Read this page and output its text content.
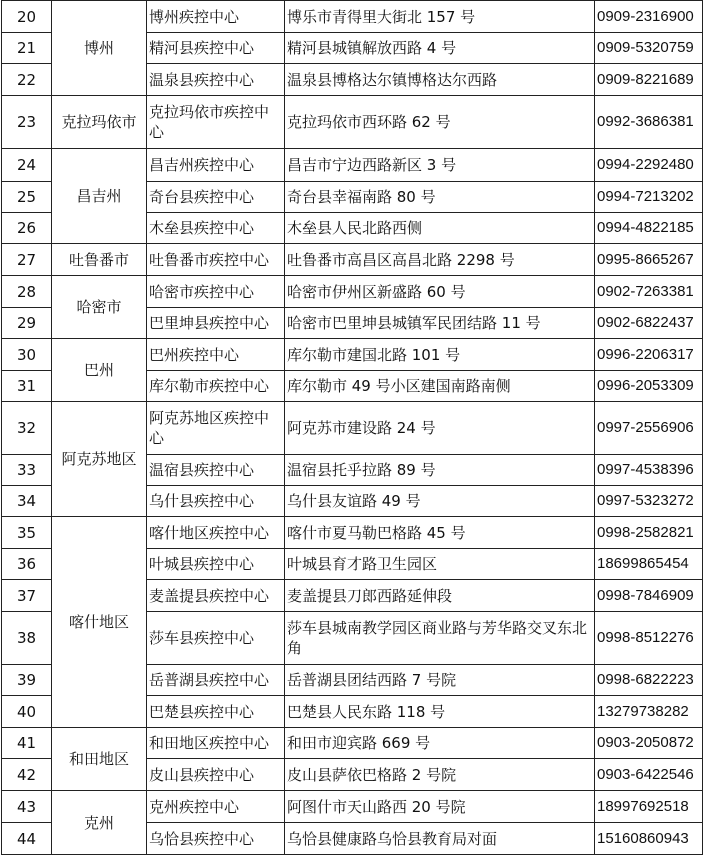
20	博州	博州疾控中心	博乐市青得里大街北 157 号	0909-2316900
21		精河县疾控中心	精河县城镇解放西路 4 号	0909-5320759
22		温泉县疾控中心	温泉县博格达尔镇博格达尔西路	0909-8221689
23	克拉玛依市	克拉玛依市疾控中心	克拉玛依市西环路 62 号	0992-3686381
24	昌吉州	昌吉州疾控中心	昌吉市宁边西路新区 3 号	0994-2292480
25		奇台县疾控中心	奇台县幸福南路 80 号	0994-7213202
26		木垒县疾控中心	木垒县人民北路西侧	0994-4822185
27	吐鲁番市	吐鲁番市疾控中心	吐鲁番市高昌区高昌北路 2298 号	0995-8665267
28	哈密市	哈密市疾控中心	哈密市伊州区新盛路 60 号	0902-7263381
29		巴里坤县疾控中心	哈密市巴里坤县城镇军民团结路 11 号	0902-6822437
30	巴州	巴州疾控中心	库尔勒市建国北路 101 号	0996-2206317
31		库尔勒市疾控中心	库尔勒市 49 号小区建国南路南侧	0996-2053309
32	阿克苏地区	阿克苏地区疾控中心	阿克苏市建设路 24 号	0997-2556906
33		温宿县疾控中心	温宿县托乎拉路 89 号	0997-4538396
34		乌什县疾控中心	乌什县友谊路 49 号	0997-5323272
35	喀什地区	喀什地区疾控中心	喀什市夏马勒巴格路 45 号	0998-2582821
36		叶城县疾控中心	叶城县育才路卫生园区	18699865454
37		麦盖提县疾控中心	麦盖提县刀郎西路延伸段	0998-7846909
38		莎车县疾控中心	莎车县城南教学园区商业路与芳华路交叉东北角	0998-8512276
39		岳普湖县疾控中心	岳普湖县团结西路 7 号院	0998-6822223
40		巴楚县疾控中心	巴楚县人民东路 118 号	13279738282
41	和田地区	和田地区疾控中心	和田市迎宾路 669 号	0903-2050872
42		皮山县疾控中心	皮山县萨依巴格路 2 号院	0903-6422546
43	克州	克州疾控中心	阿图什市天山路西 20 号院	18997692518
44		乌恰县疾控中心	乌恰县健康路乌恰县教育局对面	15160860943
